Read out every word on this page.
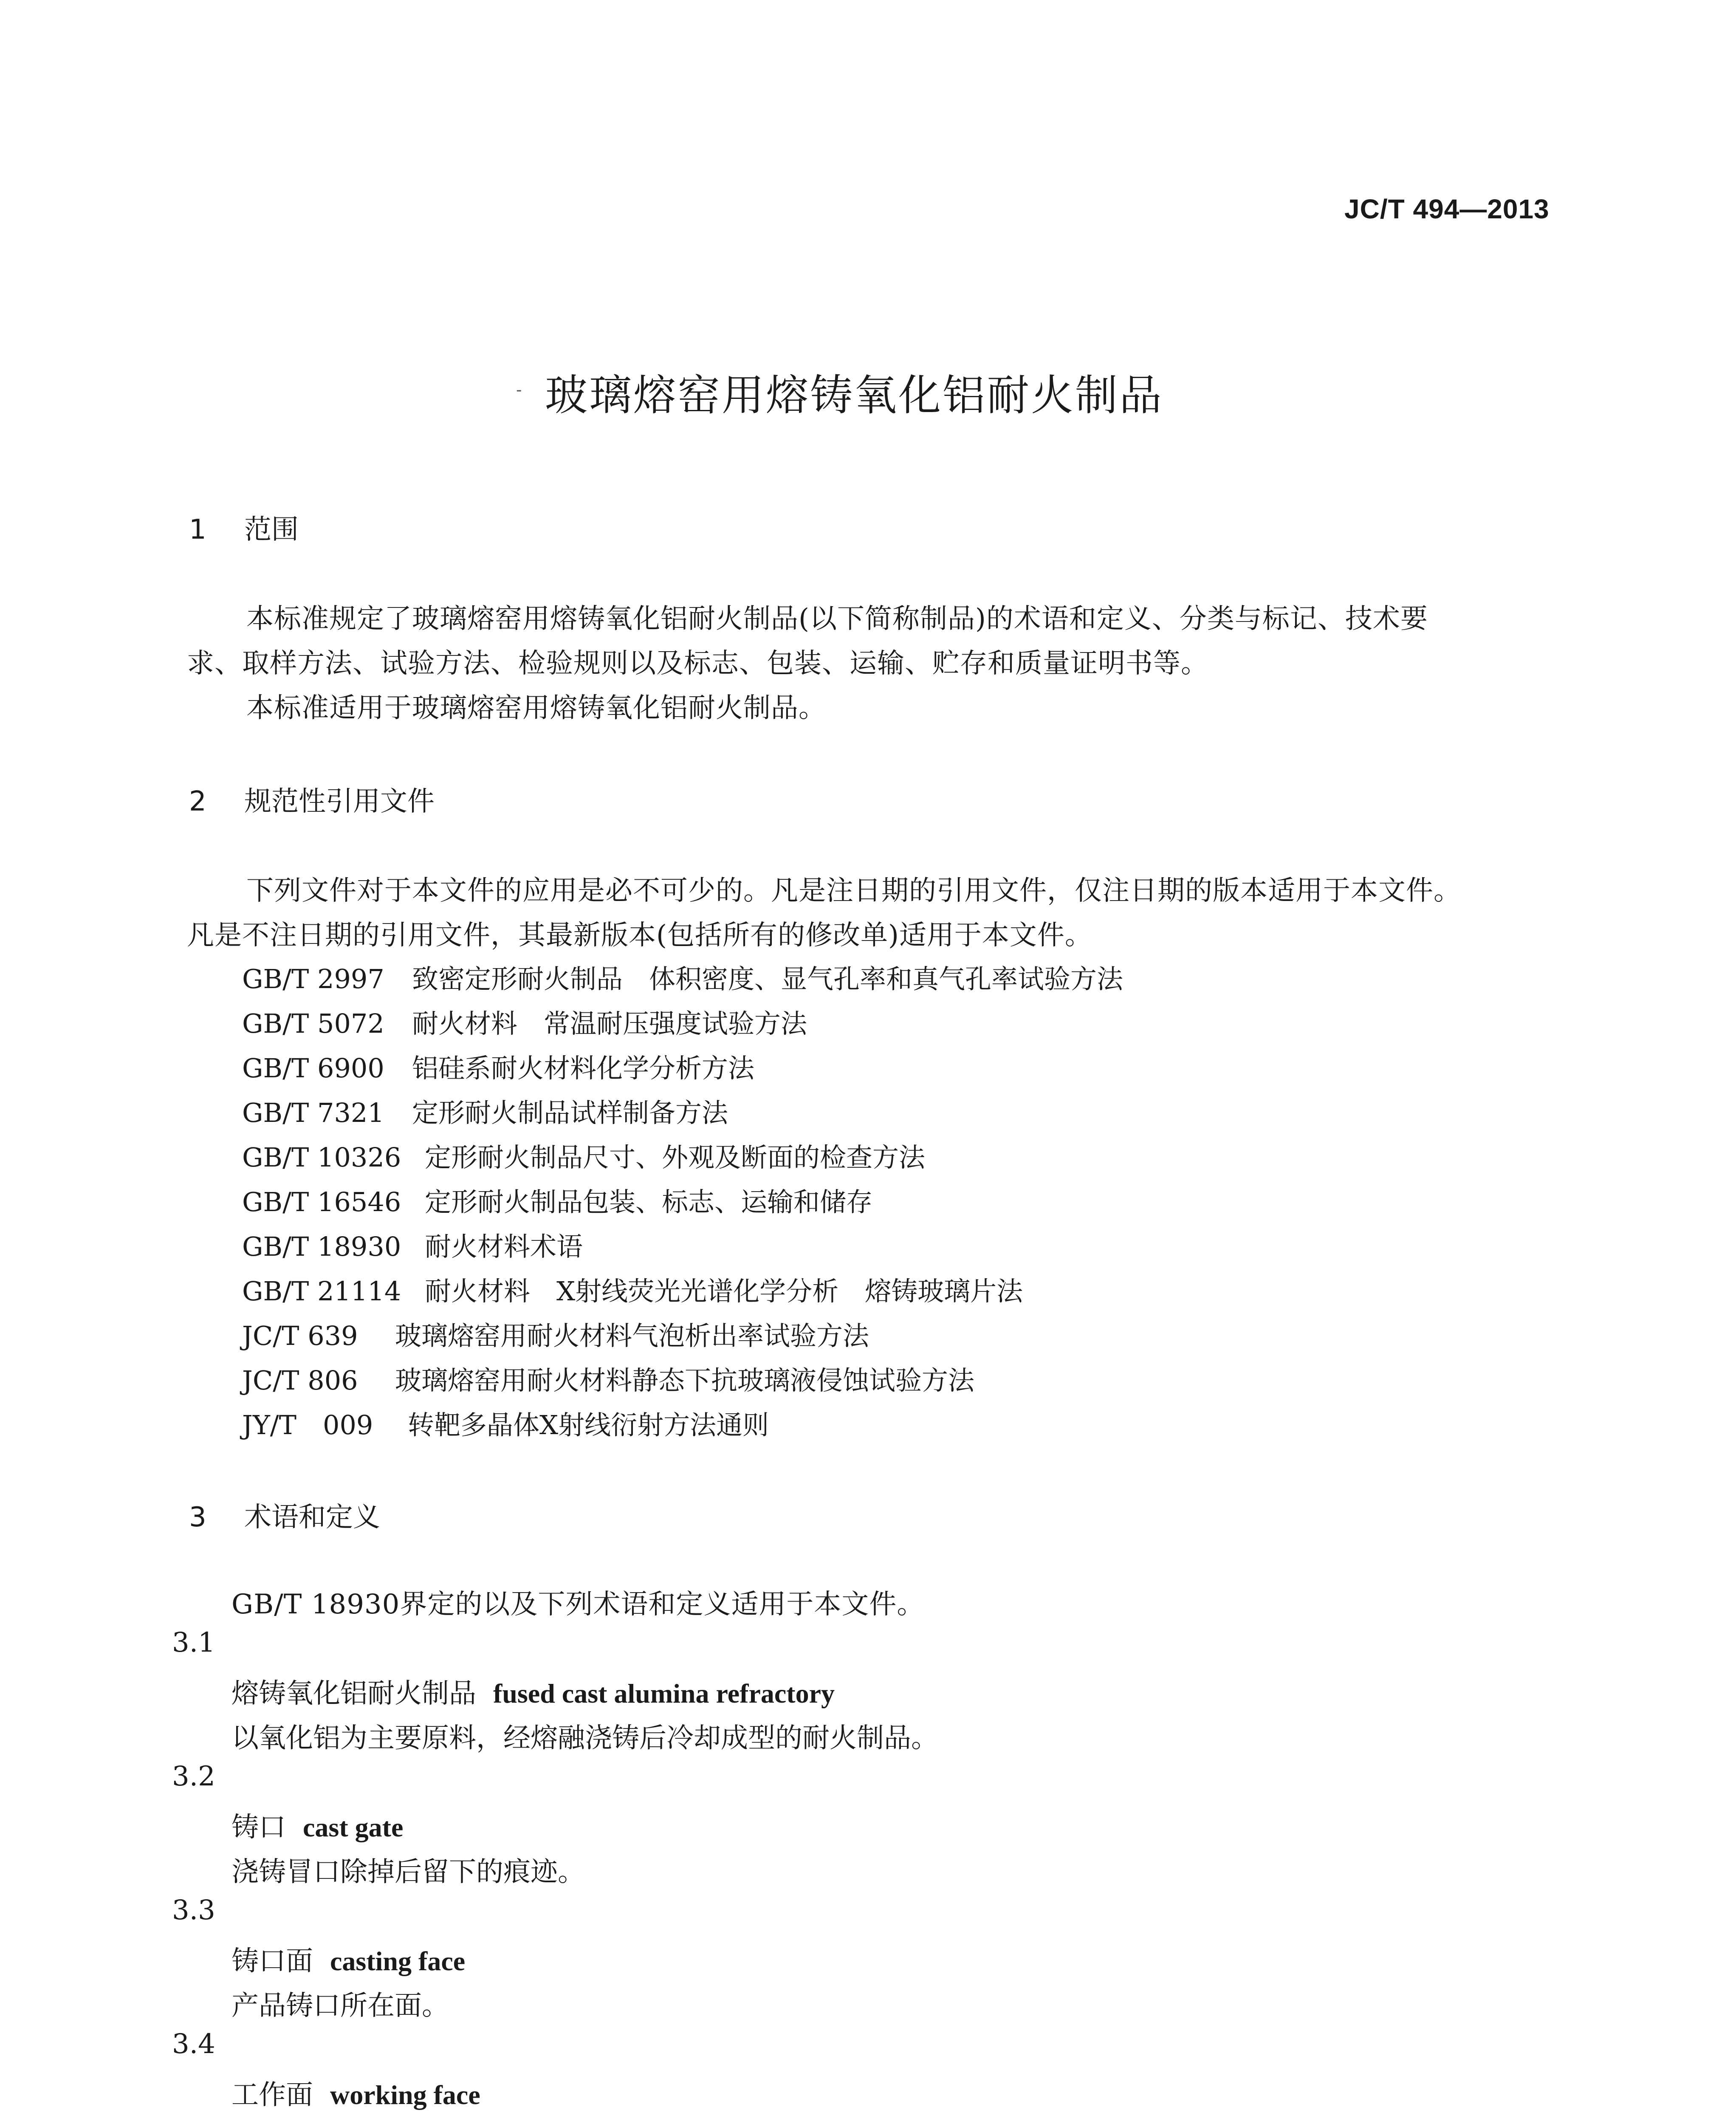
JC/T 494—2013
- 玻璃熔窑用熔铸氧化铝耐火制品
1 范围
本标准规定了玻璃熔窑用熔铸氧化铝耐火制品(以下简称制品)的术语和定义、分类与标记、技术要
求、取样方法、试验方法、检验规则以及标志、包装、运输、贮存和质量证明书等。
本标准适用于玻璃熔窑用熔铸氧化铝耐火制品。
2 规范性引用文件
下列文件对于本文件的应用是必不可少的。凡是注日期的引用文件，仅注日期的版本适用于本文件。
凡是不注日期的引用文件，其最新版本(包括所有的修改单)适用于本文件。
GB/T 2997 致密定形耐火制品　体积密度、显气孔率和真气孔率试验方法
GB/T 5072 耐火材料　常温耐压强度试验方法
GB/T 6900 铝硅系耐火材料化学分析方法
GB/T 7321 定形耐火制品试样制备方法
GB/T 10326 定形耐火制品尺寸、外观及断面的检查方法
GB/T 16546 定形耐火制品包装、标志、运输和储存
GB/T 18930 耐火材料术语
GB/T 21114 耐火材料　X射线荧光光谱化学分析　熔铸玻璃片法
JC/T 639 玻璃熔窑用耐火材料气泡析出率试验方法
JC/T 806 玻璃熔窑用耐火材料静态下抗玻璃液侵蚀试验方法
JY/T　009 转靶多晶体X射线衍射方法通则
3 术语和定义
GB/T 18930界定的以及下列术语和定义适用于本文件。
3.1
熔铸氧化铝耐火制品 fused cast alumina refractory
以氧化铝为主要原料，经熔融浇铸后冷却成型的耐火制品。
3.2
铸口 cast gate
浇铸冒口除掉后留下的痕迹。
3.3
铸口面 casting face
产品铸口所在面。
3.4
工作面 working face
